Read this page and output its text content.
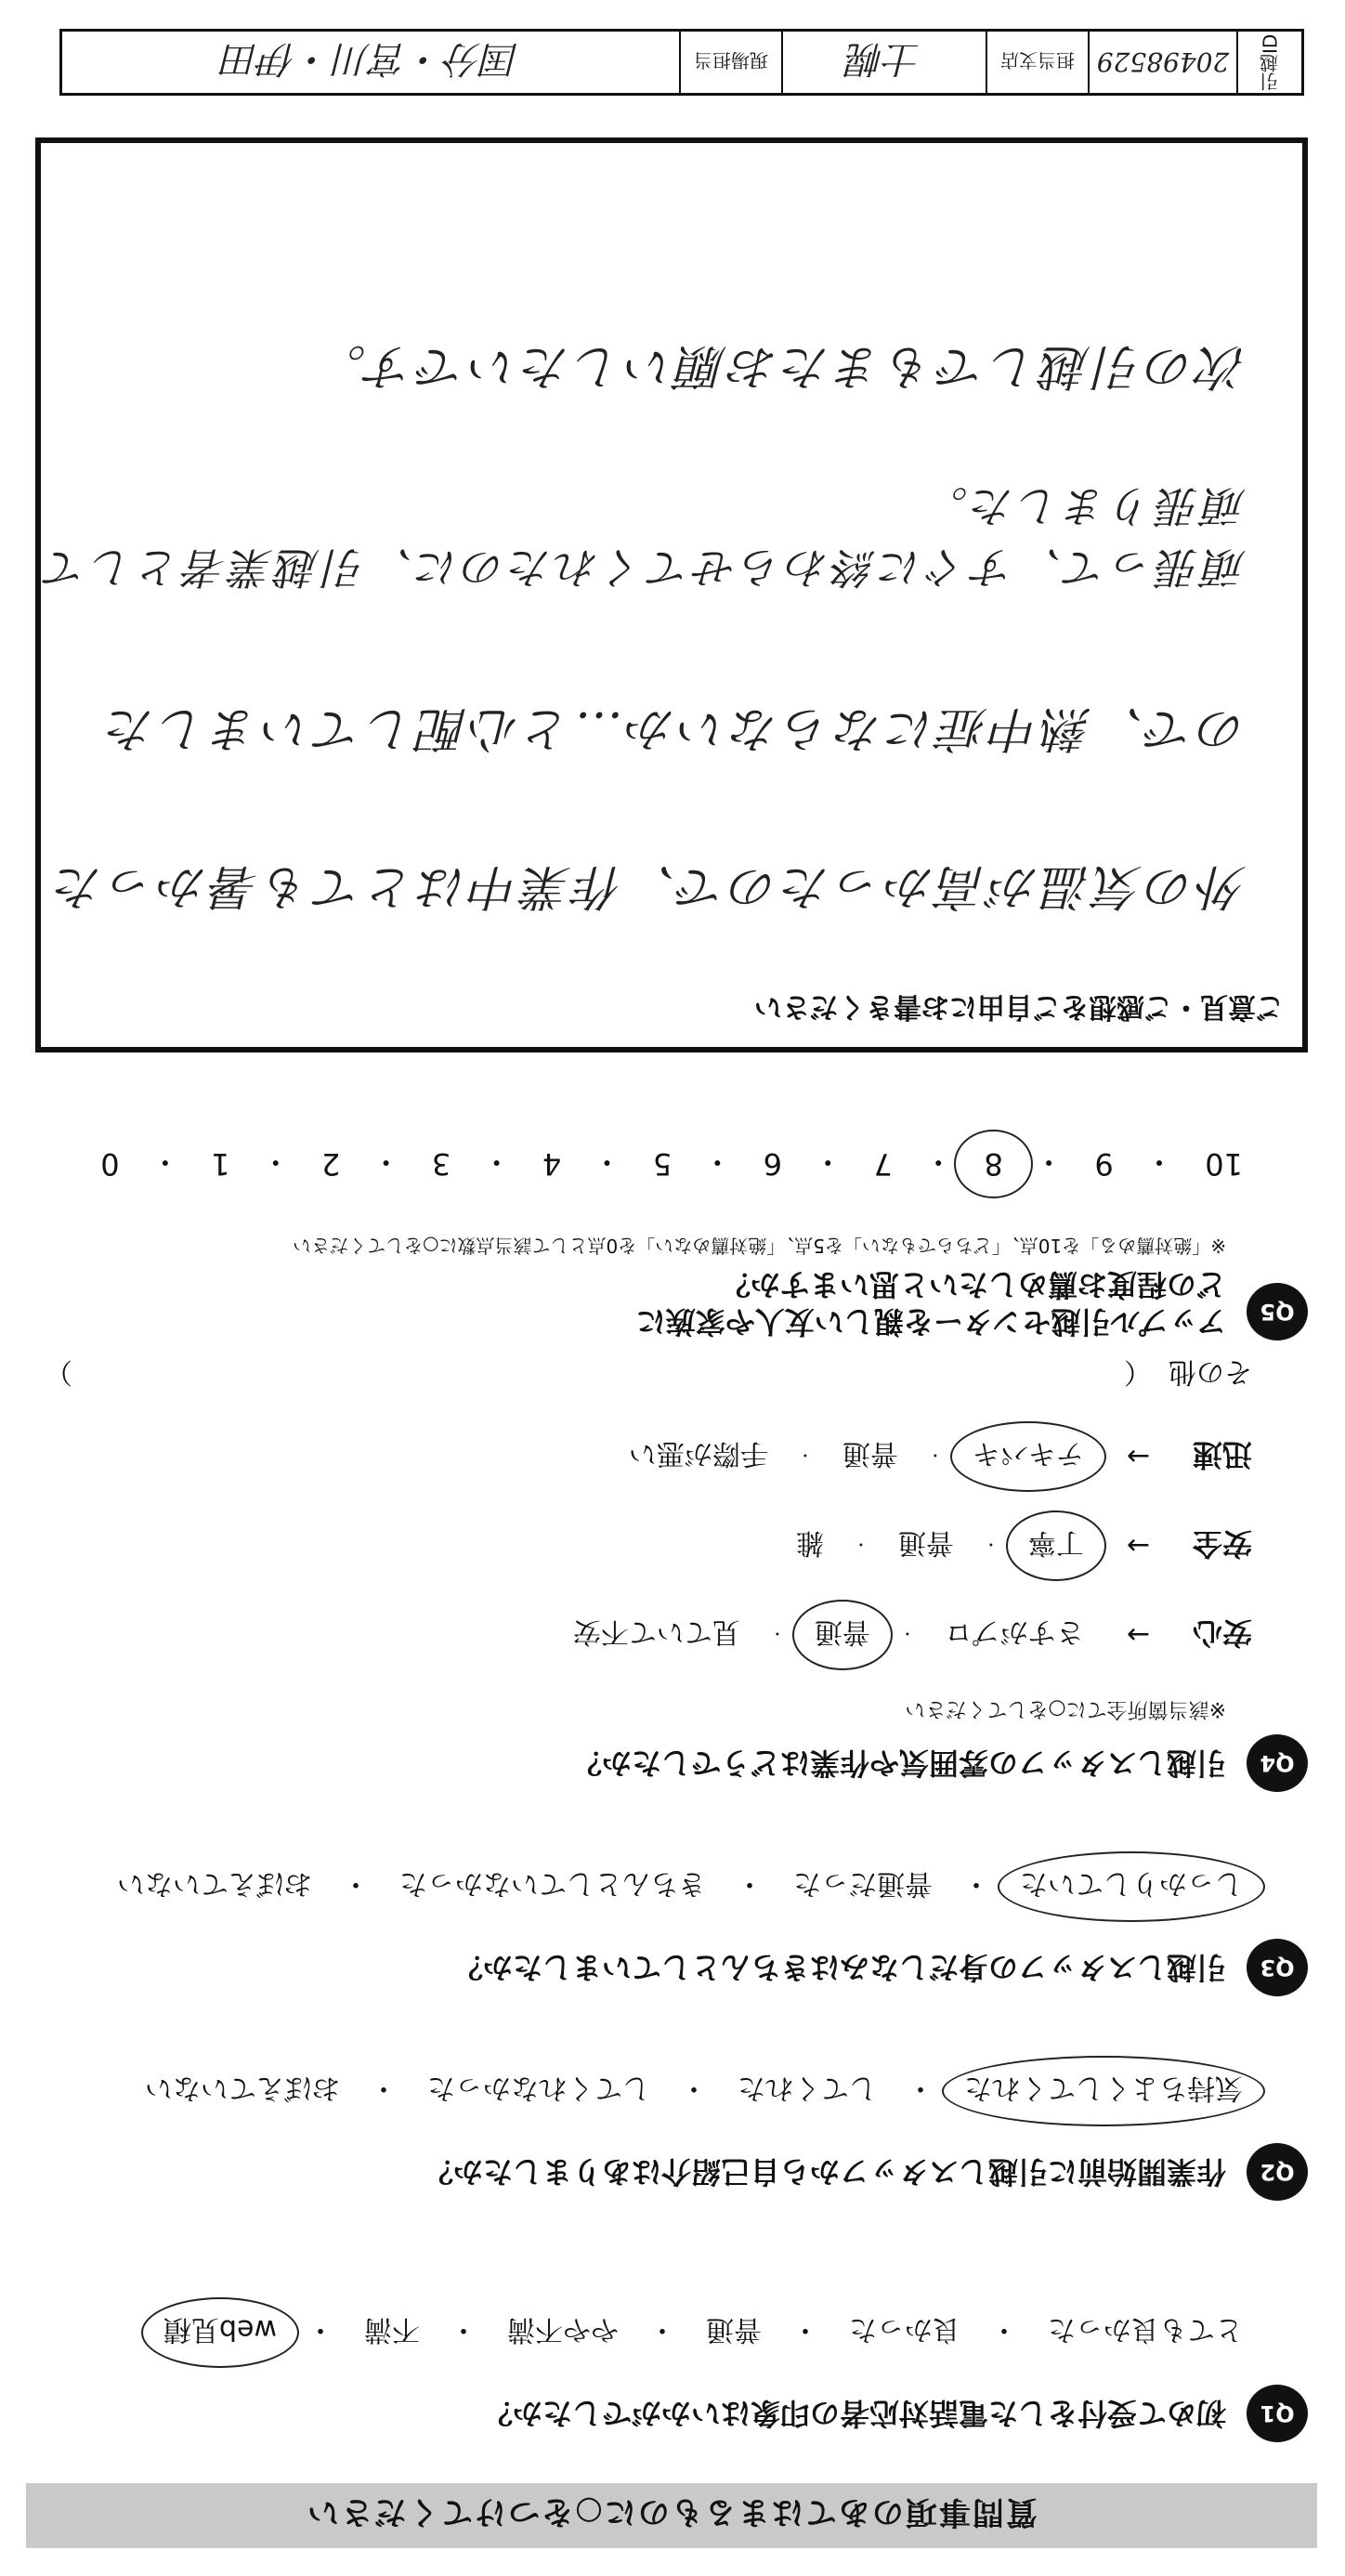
質問事項のあてはまるものに○をつけてください
Q1
初めて受付をした電話対応者の印象はいかがでしたか？
とても良かった
・
良かった
・
普通
・
やや不満
・
不満
・
web見積
Q2
作業開始前に引越しスタッフから自己紹介はありましたか？
気持ちよくしてくれた
・
してくれた
・
してくれなかった
・
おぼえていない
Q3
引越しスタッフの身だしなみはきちんとしていましたか？
しっかりしていた
・
普通だった
・
きちんとしていなかった
・
おぼえていない
Q4
引越しスタッフの雰囲気や作業はどうでしたか？
※該当箇所全てに○をしてください
安心
→
さすがプロ
・
普通
・
見ていて不安
安全
→
丁寧
・
普通
・
雑
迅速
→
テキパキ
・
普通
・
手際が悪い
その他
（
）
Q5
アップル引越センターを親しい友人や家族に
どの程度お薦めしたいと思いますか？
※「絶対薦める」を10点、「どちらでもない」を5点、「絶対薦めない」を0点として該当点数に○をしてください
10
・
9
・
8
・
7
・
6
・
5
・
4
・
3
・
2
・
1
・
0
ご意見・ご感想をご自由にお書きください
外の気温が高かったので、作業中はとても暑かった
ので、熱中症にならないか…と心配していました
頑張って、すぐに終わらせてくれたのに、引越業者として頑張りました。
次の引越しでもまたお願いしたいです。
引越ID
20498529
担当支店
士幌
現場担当
国分・宮川・伊田
